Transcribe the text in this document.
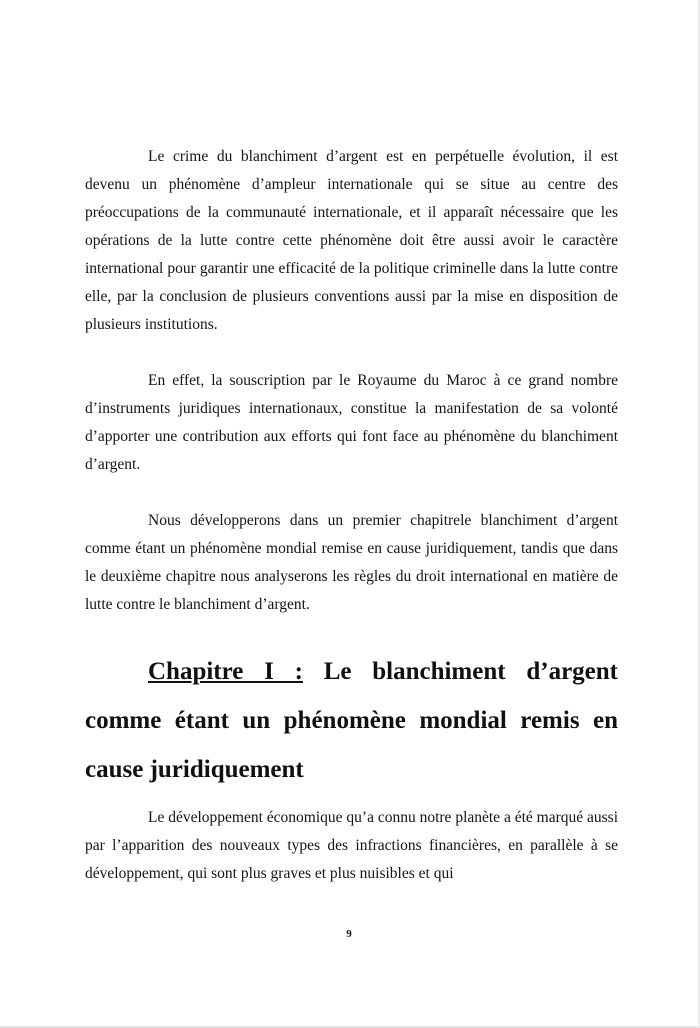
Le crime du blanchiment d’argent est en perpétuelle évolution, il est devenu un phénomène d’ampleur internationale qui se situe au centre des préoccupations de la communauté internationale, et il apparaît nécessaire que les opérations de la lutte contre cette phénomène doit être aussi avoir le caractère international pour garantir une efficacité de la politique criminelle dans la lutte contre elle, par la conclusion de plusieurs conventions aussi par la mise en disposition de plusieurs institutions.

En effet, la souscription par le Royaume du Maroc à ce grand nombre d’instruments juridiques internationaux, constitue la manifestation de sa volonté d’apporter une contribution aux efforts qui font face au phénomène du blanchiment d’argent.

Nous développerons dans un premier chapitrele blanchiment d’argent comme étant un phénomène mondial remise en cause juridiquement, tandis que dans le deuxième chapitre nous analyserons les règles du droit international en matière de lutte contre le blanchiment d’argent.

Chapitre I : Le blanchiment d’argent comme étant un phénomène mondial remis en cause juridiquement

Le développement économique qu’a connu notre planète a été marqué aussi par l’apparition des nouveaux types des infractions financières, en parallèle à se développement, qui sont plus graves et plus nuisibles et qui

9
